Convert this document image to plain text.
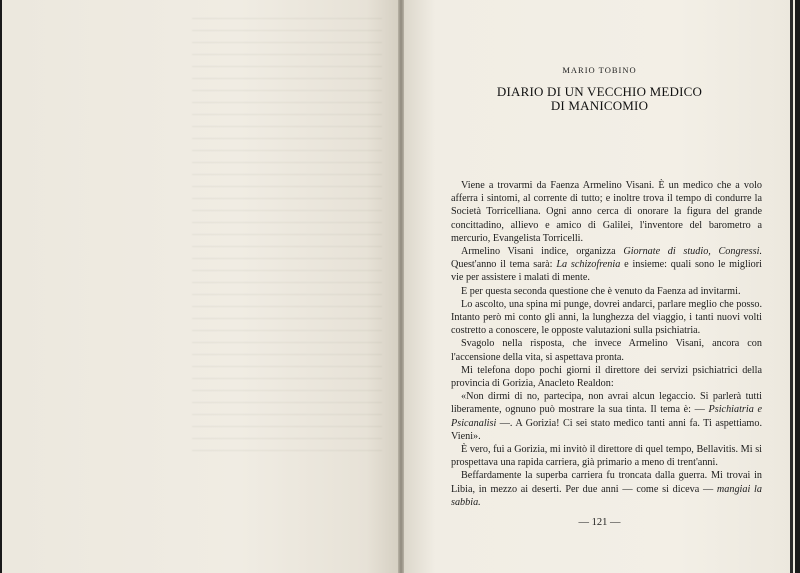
MARIO TOBINO
DIARIO DI UN VECCHIO MEDICO
DI MANICOMIO

Viene a trovarmi da Faenza Armelino Visani. È un medico che a volo afferra i sintomi, al corrente di tutto; e inoltre trova il tempo di condurre la Società Torricelliana. Ogni anno cerca di onorare la figura del grande concittadino, allievo e amico di Galilei, l'inventore del barometro a mercurio, Evangelista Torricelli.

Armelino Visani indice, organizza Giornate di studio, Congressi. Quest'anno il tema sarà: La schizofrenia e insieme: quali sono le migliori vie per assistere i malati di mente.

E per questa seconda questione che è venuto da Faenza ad invitarmi.

Lo ascolto, una spina mi punge, dovrei andarci, parlare meglio che posso. Intanto però mi conto gli anni, la lunghezza del viaggio, i tanti nuovi volti costretto a conoscere, le opposte valutazioni sulla psichiatria.

Svagolo nella risposta, che invece Armelino Visani, ancora con l'accensione della vita, si aspettava pronta.

Mi telefona dopo pochi giorni il direttore dei servizi psichiatrici della provincia di Gorizia, Anacleto Realdon:

«Non dirmi di no, partecipa, non avrai alcun legaccio. Si parlerà tutti liberamente, ognuno può mostrare la sua tinta. Il tema è: — Psichiatria e Psicanalisi —. A Gorizia! Ci sei stato medico tanti anni fa. Ti aspettiamo. Vieni».

È vero, fui a Gorizia, mi invitò il direttore di quel tempo, Bellavitis. Mi si prospettava una rapida carriera, già primario a meno di trent'anni.

Beffardamente la superba carriera fu troncata dalla guerra. Mi trovai in Libia, in mezzo ai deserti. Per due anni — come si diceva — mangiai la sabbia.

— 121 —
